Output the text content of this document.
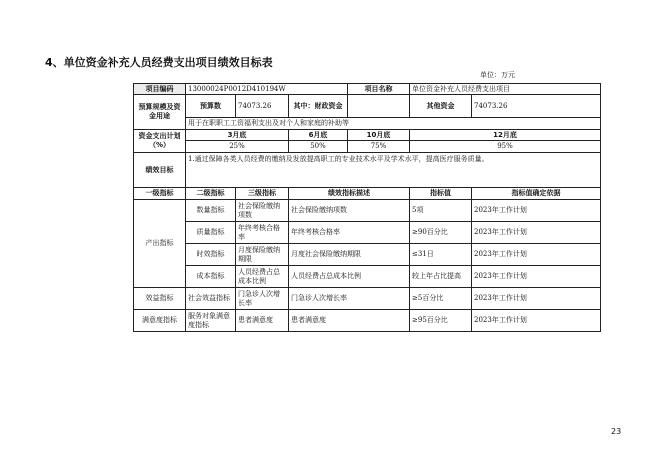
4、单位资金补充人员经费支出项目绩效目标表
单位：万元
项目编码	13000024P0012D410194W			项目名称	单位资金补充人员经费支出项目	
预算规模及资金用途	预算数	74073.26	其中：财政资金		其他资金	74073.26
	用于在职职工工资福利支出及对个人和家庭的补助等					
资金支出计划（%）	3月底		6月底	10月底	12月底	
	25%		50%	75%	95%	
绩效目标	1.通过保障各类人员经费的缴纳及发放提高职工的专业技术水平及学术水平，提高医疗服务质量。					
一级指标	二级指标	三级指标	绩效指标描述		指标值	指标值确定依据
产出指标	数量指标	社会保险缴纳项数	社会保险缴纳项数		5项	2023年工作计划
	质量指标	年终考核合格率	年终考核合格率		≥90百分比	2023年工作计划
	时效指标	月度保险缴纳期限	月度社会保险缴纳期限		≤31日	2023年工作计划
	成本指标	人员经费占总成本比例	人员经费占总成本比例		较上年占比提高	2023年工作计划
效益指标	社会效益指标	门急诊人次增长率	门急诊人次增长率		≥5百分比	2023年工作计划
满意度指标	服务对象满意度指标	患者满意度	患者满意度		≥95百分比	2023年工作计划
23
